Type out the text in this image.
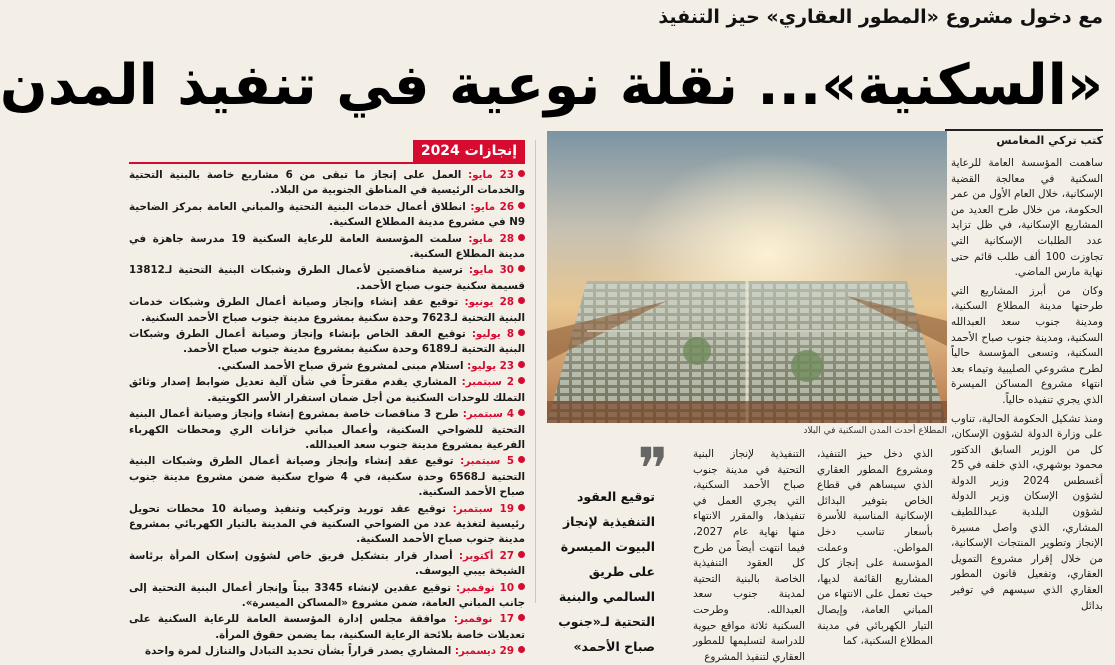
مع دخول مشروع «المطور العقاري» حيز التنفيذ
«السكنية»... نقلة نوعية في تنفيذ المدن
كتب تركي المغامس

ساهمت المؤسسة العامة للرعاية السكنية في معالجة القضية الإسكانية، خلال العام الأول من عمر الحكومة، من خلال طرح العديد من المشاريع الإسكانية، في ظل تزايد عدد الطلبات الإسكانية التي تجاوزت 100 ألف طلب قائم حتى نهاية مارس الماضي.

وكان من أبرز المشاريع التي طرحتها مدينة المطلاع السكنية، ومدينة جنوب سعد العبدالله السكنية، ومدينة جنوب صباح الأحمد السكنية، وتسعى المؤسسة حالياً لطرح مشروعي الصليبية وتيماء بعد انتهاء مشروع المساكن الميسرة الذي يجري تنفيذه حالياً.

ومنذ تشكيل الحكومة الحالية، تناوب على وزارة الدولة لشؤون الإسكان، كل من الوزير السابق الدكتور محمود بوشهري، الذي خلفه في 25 أغسطس 2024 وزير الدولة لشؤون الإسكان وزير الدولة لشؤون البلدية عبداللطيف المشاري، الذي واصل مسيرة الإنجاز وتطوير المنتجات الإسكانية، من خلال إقرار مشروع التمويل العقاري، وتفعيل قانون المطور العقاري الذي سيسهم في توفير بدائل

المطلاع أحدث المدن السكنية في البلاد
الذي دخل حيز التنفيذ، ومشروع المطور العقاري الذي سيساهم في قطاع الخاص بتوفير البدائل الإسكانية المناسبة للأسرة بأسعار تناسب دخل المواطن. وعملت المؤسسة على إنجاز كل المشاريع القائمة لديها، حيث تعمل على الانتهاء من المباني العامة، وإيصال التيار الكهربائي في مدينة المطلاع السكنية، كما
التنفيذية لإنجاز البنية التحتية في مدينة جنوب صباح الأحمد السكنية، التي يجري العمل في تنفيذها، والمقرر الانتهاء منها نهاية عام 2027، فيما انتهت أيضاً من طرح كل العقود التنفيذية الخاصة بالبنية التحتية لمدينة جنوب سعد العبدالله. وطرحت السكنية ثلاثة مواقع حيوية للدراسة لتسليمها للمطور العقاري لتنفيذ المشروع
❞
توقيع العقود التنفيذية لإنجاز البيوت الميسرة على طريق السالمي والبنية التحتية لـ«جنوب صباح الأحمد»
إنجازات 2024
23 مايو: العمل على إنجاز ما تبقى من 6 مشاريع خاصة بالبنية التحتية والخدمات الرئيسية في المناطق الجنوبية من البلاد.
26 مايو: انطلاق أعمال خدمات البنية التحتية والمباني العامة بمركز الضاحية N9 في مشروع مدينة المطلاع السكنية.
28 مايو: سلمت المؤسسة العامة للرعاية السكنية 19 مدرسة جاهزة في مدينة المطلاع السكنية.
30 مايو: ترسية مناقصتين لأعمال الطرق وشبكات البنية التحتية لـ13812 قسيمة سكنية جنوب صباح الأحمد.
28 يونيو: توقيع عقد إنشاء وإنجاز وصيانة أعمال الطرق وشبكات خدمات البنية التحتية لـ7623 وحدة سكنية بمشروع مدينة جنوب صباح الأحمد السكنية.
8 يوليو: توقيع العقد الخاص بإنشاء وإنجاز وصيانة أعمال الطرق وشبكات البنية التحتية لـ6189 وحدة سكنية بمشروع مدينة جنوب صباح الأحمد.
23 يوليو: استلام مبنى لمشروع شرق صباح الأحمد السكني.
2 سبتمبر: المشاري يقدم مقترحاً في شأن آلية تعديل ضوابط إصدار وثائق التملك للوحدات السكنية من أجل ضمان استقرار الأسر الكويتية.
4 سبتمبر: طرح 3 مناقصات خاصة بمشروع إنشاء وإنجاز وصيانة أعمال البنية التحتية للضواحي السكنية، وأعمال مباني خزانات الري ومحطات الكهرباء الفرعية بمشروع مدينة جنوب سعد العبدالله.
5 سبتمبر: توقيع عقد إنشاء وإنجاز وصيانة أعمال الطرق وشبكات البنية التحتية لـ6568 وحدة سكنية، في 4 ضواح سكنية ضمن مشروع مدينة جنوب صباح الأحمد السكنية.
19 سبتمبر: توقيع عقد توريد وتركيب وتنفيذ وصيانة 10 محطات تحويل رئيسية لتغذية عدد من الضواحي السكنية في المدينة بالتيار الكهربائي بمشروع مدينة جنوب صباح الأحمد السكنية.
27 أكتوبر: أصدار قرار بتشكيل فريق خاص لشؤون إسكان المرأة برئاسة الشيخة بيبي اليوسف.
10 نوفمبر: توقيع عقدين لإنشاء 3345 بيتاً وإنجاز أعمال البنية التحتية إلى جانب المباني العامة، ضمن مشروع «المساكن الميسرة».
17 نوفمبر: موافقة مجلس إدارة المؤسسة العامة للرعاية السكنية على تعديلات خاصة بلائحة الرعاية السكنية، بما يضمن حقوق المرأة.
29 ديسمبر: المشاري يصدر قراراً بشأن تحديد التبادل والتنازل لمرة واحدة
